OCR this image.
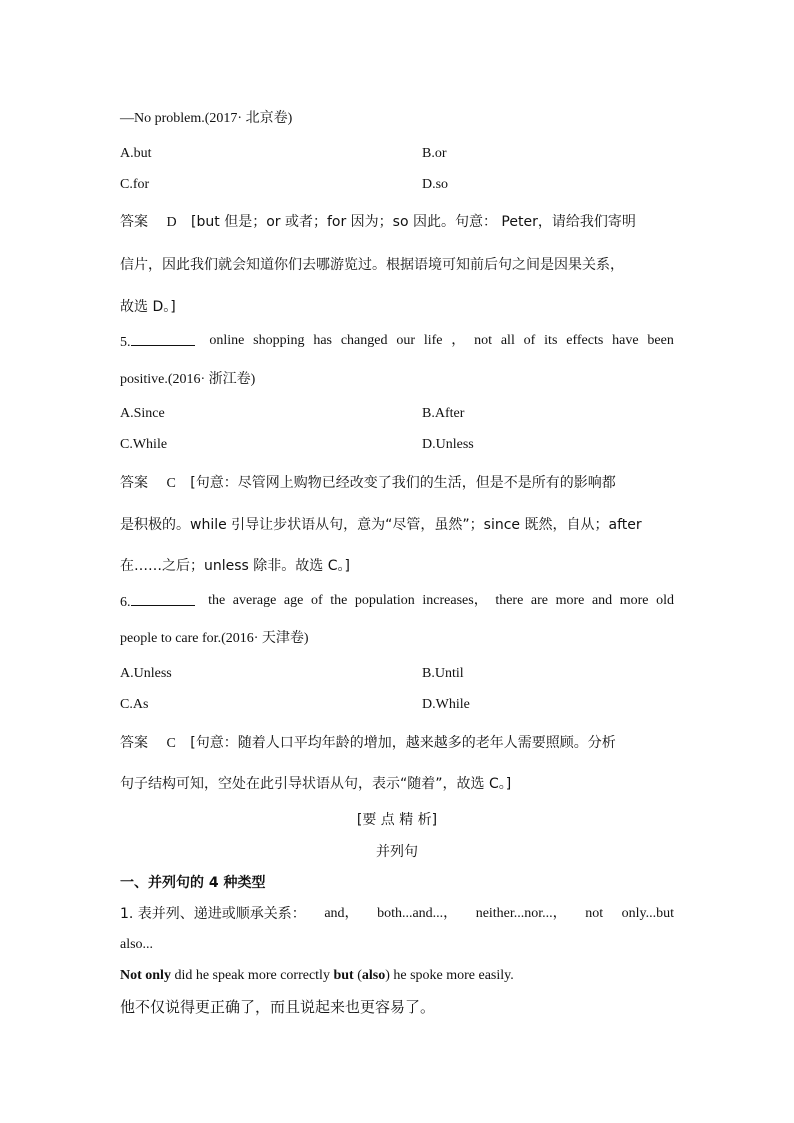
—No problem.(2017· 北京卷)
A.but	B.or
C.for	D.so
答案 D [but 但是；or 或者；for 因为；so 因此。句意： Peter，请给我们寄明
信片，因此我们就会知道你们去哪游览过。根据语境可知前后句之间是因果关系，
故选 D。]
5.	online shopping has changed our life ， not all of its effects have been
positive.(2016· 浙江卷)
A.Since	B.After
C.While	D.Unless
答案 C [句意：尽管网上购物已经改变了我们的生活，但是不是所有的影响都
是积极的。while 引导让步状语从句，意为“尽管，虽然”；since 既然，自从；after
在……之后；unless 除非。故选 C。]
6.	the average age of the population increases， there are more and more old
people to care for.(2016· 天津卷)
A.Unless	B.Until
C.As	D.While
答案 C [句意：随着人口平均年龄的增加，越来越多的老年人需要照顾。分析
句子结构可知，空处在此引导状语从句，表示“随着”，故选 C。]
[要 点 精 析]
并列句
一、并列句的 4 种类型
1. 表并列、递进或顺承关系： and， both...and...， neither...nor...， not only...but
also...
Not only did he speak more correctly but (also) he spoke more easily.
他不仅说得更正确了，而且说起来也更容易了。
